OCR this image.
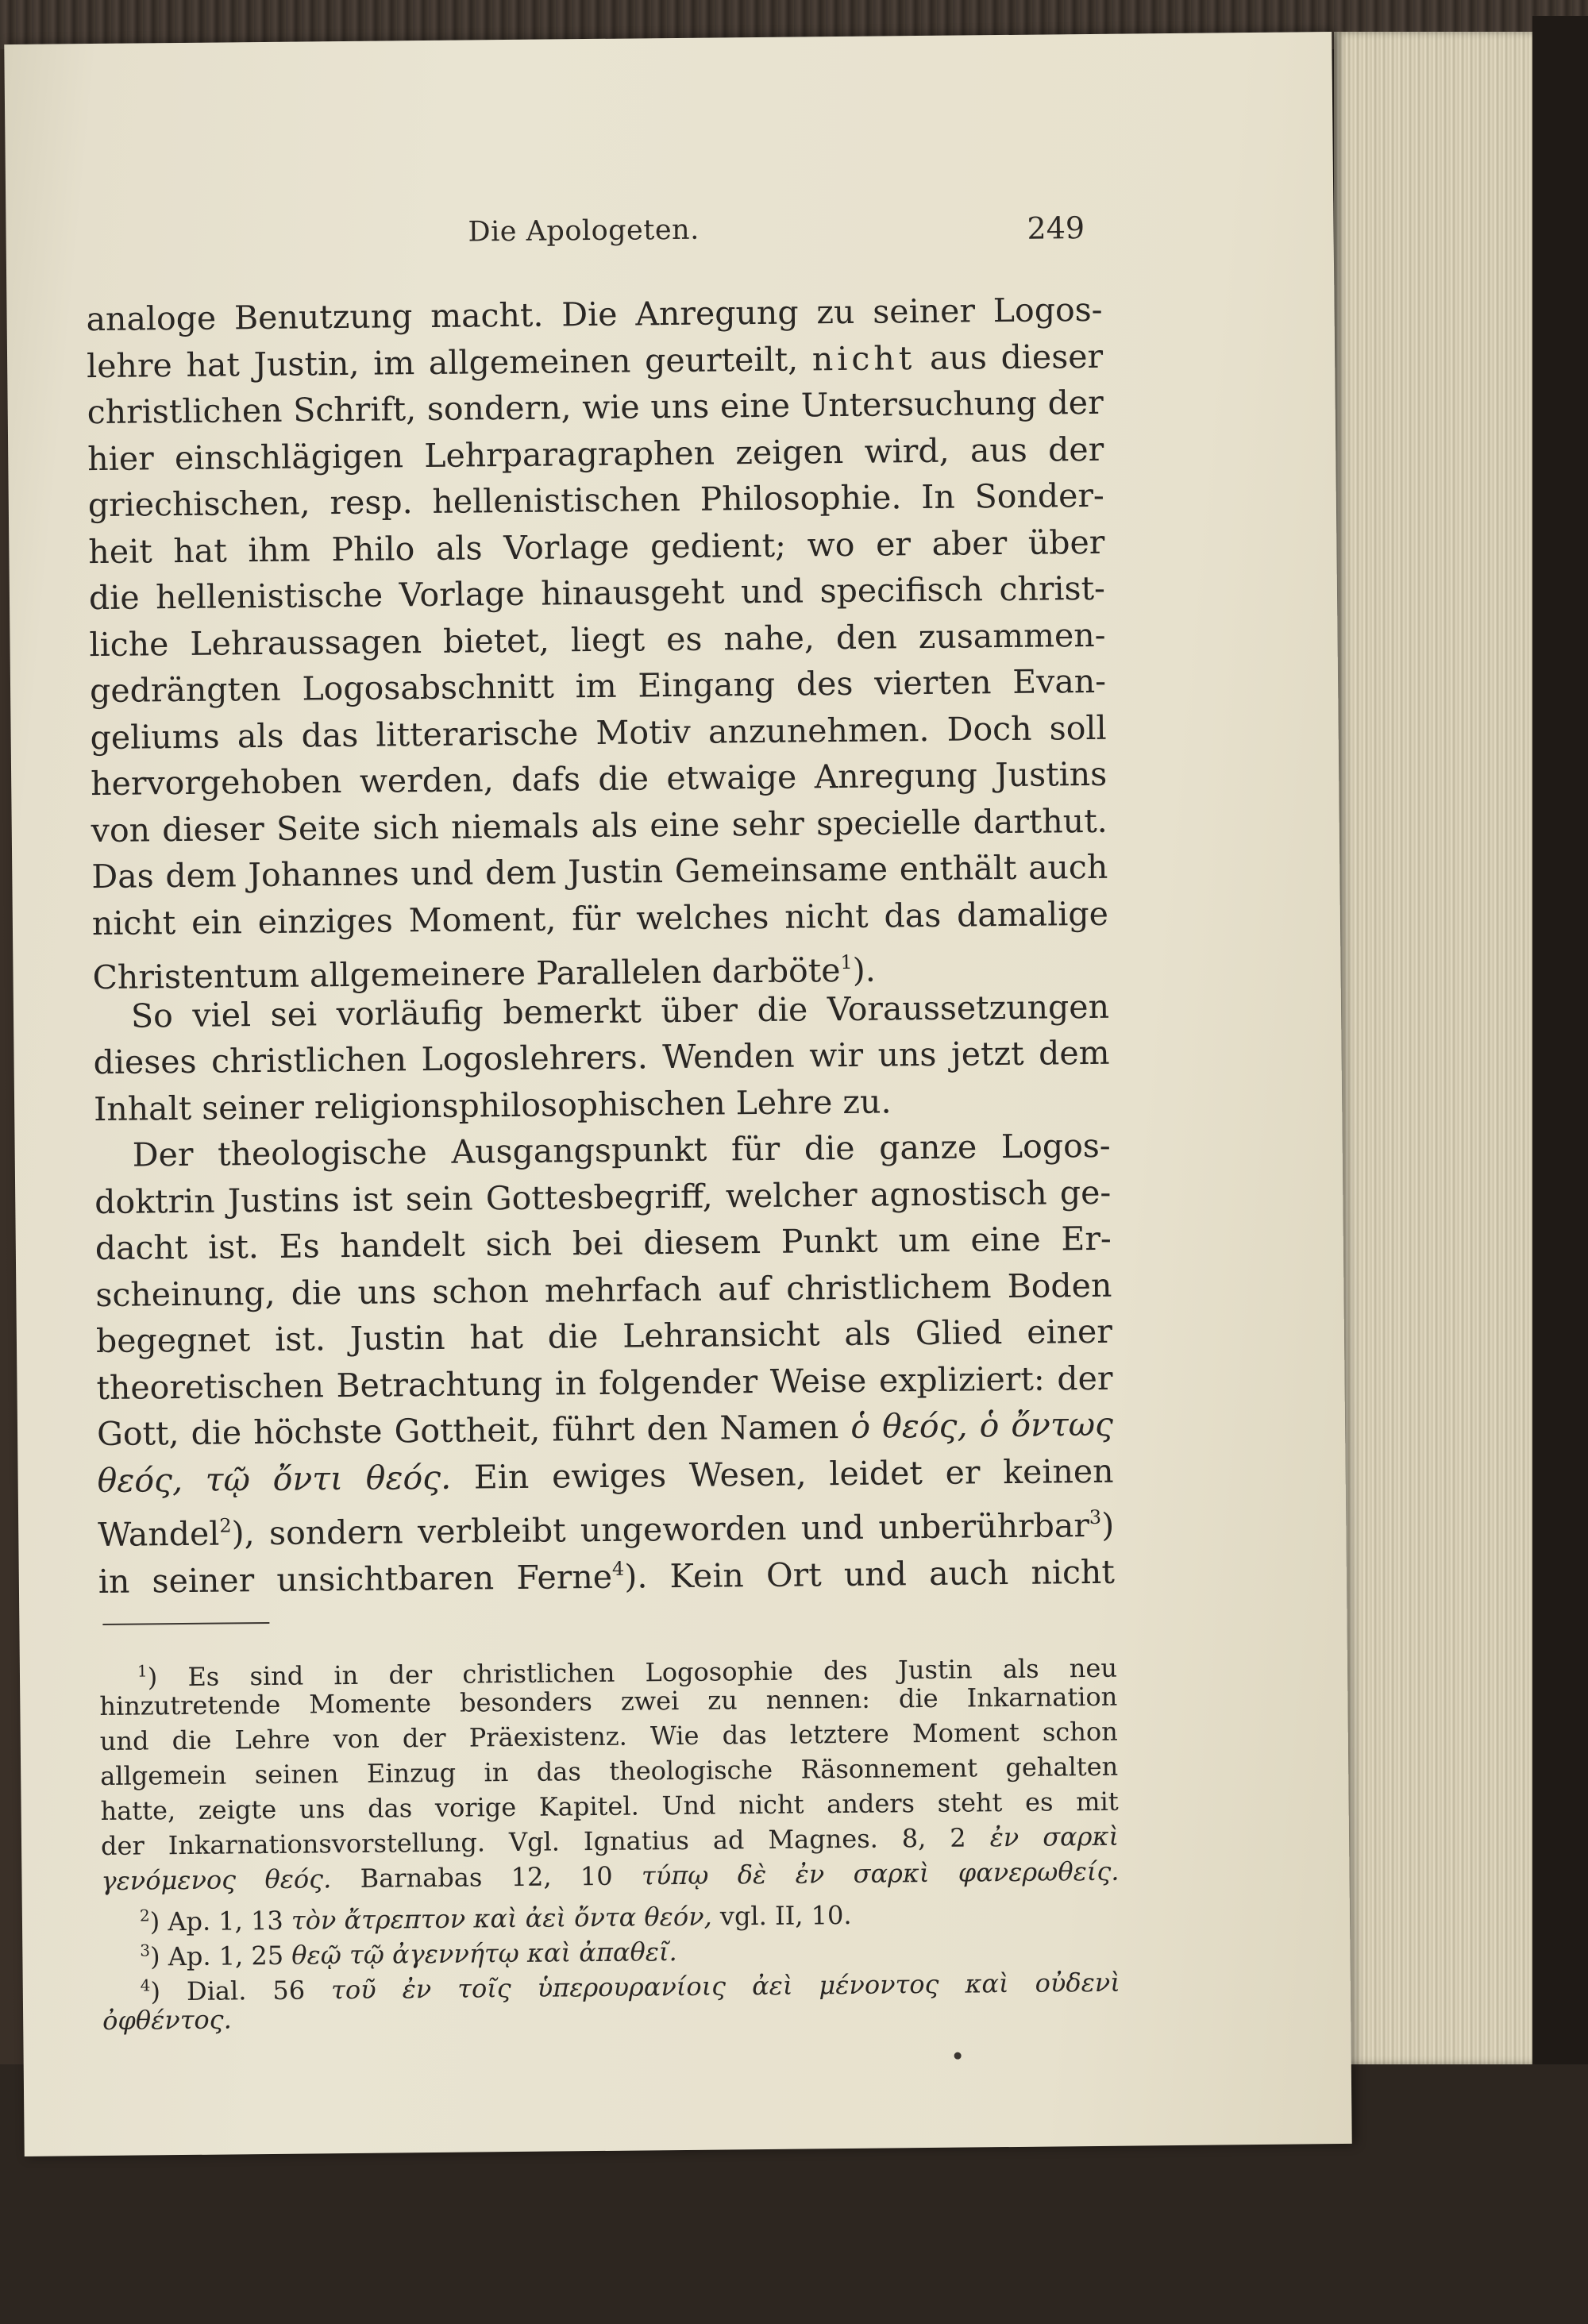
Die Apologeten.	249
analoge Benutzung macht. Die Anregung zu seiner Logos-
lehre hat Justin, im allgemeinen geurteilt, nicht aus dieser
christlichen Schrift, sondern, wie uns eine Untersuchung der
hier einschlägigen Lehrparagraphen zeigen wird, aus der
griechischen, resp. hellenistischen Philosophie. In Sonder-
heit hat ihm Philo als Vorlage gedient; wo er aber über
die hellenistische Vorlage hinausgeht und specifisch christ-
liche Lehraussagen bietet, liegt es nahe, den zusammen-
gedrängten Logosabschnitt im Eingang des vierten Evan-
geliums als das litterarische Motiv anzunehmen. Doch soll
hervorgehoben werden, dafs die etwaige Anregung Justins
von dieser Seite sich niemals als eine sehr specielle darthut.
Das dem Johannes und dem Justin Gemeinsame enthält auch
nicht ein einziges Moment, für welches nicht das damalige
Christentum allgemeinere Parallelen darböte$^1$).
So viel sei vorläufig bemerkt über die Voraussetzungen
dieses christlichen Logoslehrers. Wenden wir uns jetzt dem
Inhalt seiner religionsphilosophischen Lehre zu.
Der theologische Ausgangspunkt für die ganze Logos-
doktrin Justins ist sein Gottesbegriff, welcher agnostisch ge-
dacht ist. Es handelt sich bei diesem Punkt um eine Er-
scheinung, die uns schon mehrfach auf christlichem Boden
begegnet ist. Justin hat die Lehransicht als Glied einer
theoretischen Betrachtung in folgender Weise expliziert: der
Gott, die höchste Gottheit, führt den Namen ὁ θεός, ὁ ὄντως
θεός, τῷ ὄντι θεός. Ein ewiges Wesen, leidet er keinen
Wandel$^2$), sondern verbleibt ungeworden und unberührbar$^3$)
in seiner unsichtbaren Ferne$^4$). Kein Ort und auch nicht
$^1$) Es sind in der christlichen Logosophie des Justin als neu
hinzutretende Momente besonders zwei zu nennen: die Inkarnation
und die Lehre von der Präexistenz. Wie das letztere Moment schon
allgemein seinen Einzug in das theologische Räsonnement gehalten
hatte, zeigte uns das vorige Kapitel. Und nicht anders steht es mit
der Inkarnationsvorstellung. Vgl. Ignatius ad Magnes. 8, 2 ἐν σαρκὶ
γενόμενος θεός. Barnabas 12, 10 τύπῳ δὲ ἐν σαρκὶ φανερωθείς.
$^2$) Ap. 1, 13 τὸν ἄτρεπτον καὶ ἀεὶ ὄντα θεόν, vgl. II, 10.
$^3$) Ap. 1, 25 θεῷ τῷ ἀγεννήτῳ καὶ ἀπαθεῖ.
$^4$) Dial. 56 τοῦ ἐν τοῖς ὑπερουρανίοις ἀεὶ μένοντος καὶ οὐδενὶ
ὀφθέντος.
